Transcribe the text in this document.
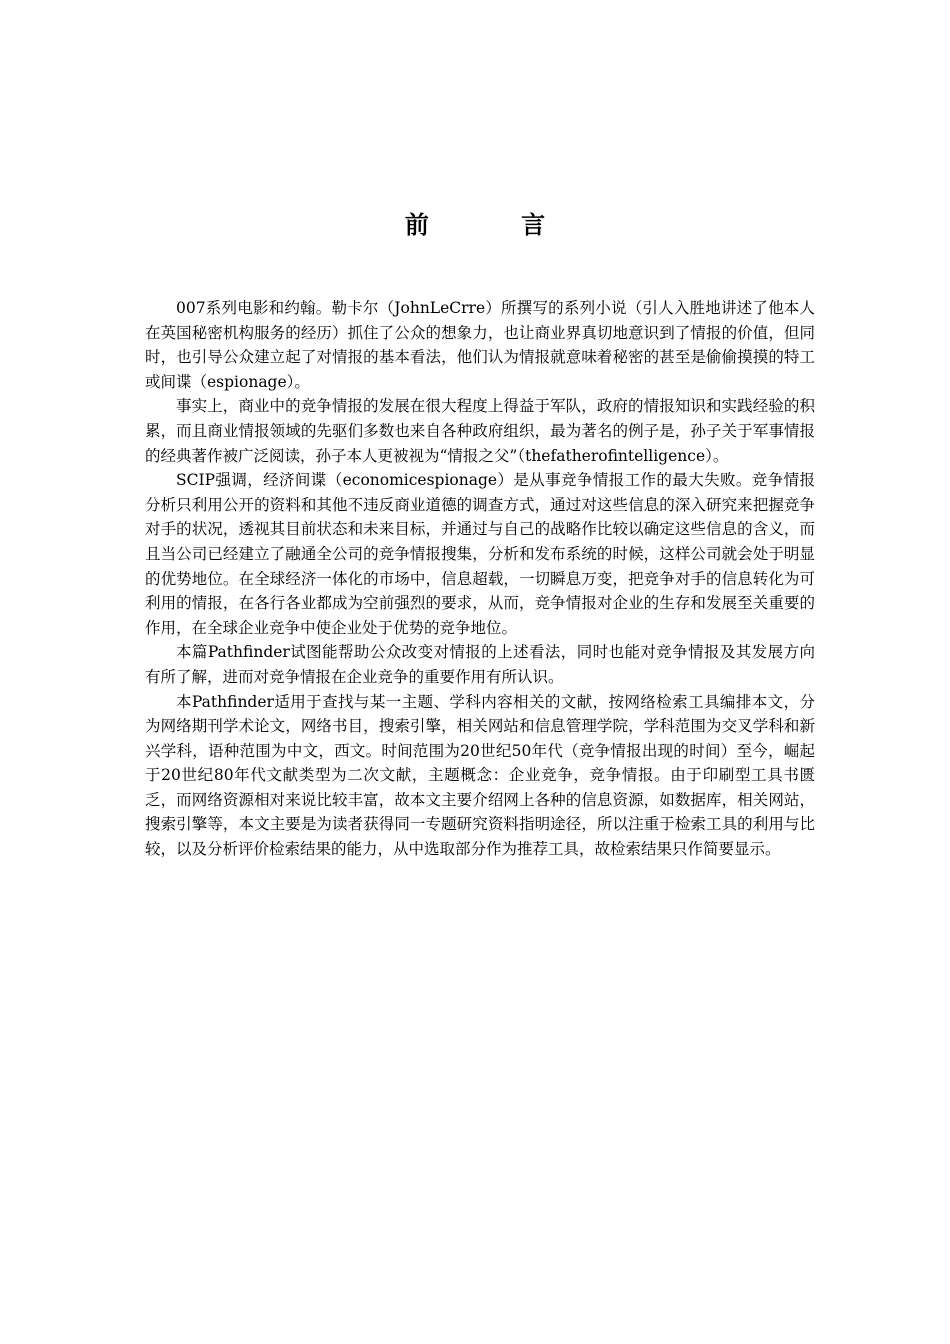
前 言

007系列电影和约翰。勒卡尔（JohnLeCrre）所撰写的系列小说（引人入胜地讲述了他本人在英国秘密机构服务的经历）抓住了公众的想象力，也让商业界真切地意识到了情报的价值，但同时，也引导公众建立起了对情报的基本看法，他们认为情报就意味着秘密的甚至是偷偷摸摸的特工或间谍（espionage）。

事实上，商业中的竞争情报的发展在很大程度上得益于军队，政府的情报知识和实践经验的积累，而且商业情报领域的先驱们多数也来自各种政府组织，最为著名的例子是，孙子关于军事情报的经典著作被广泛阅读，孙子本人更被视为“情报之父”（thefatherofintelligence）。

SCIP强调，经济间谍（economicespionage）是从事竞争情报工作的最大失败。竞争情报分析只利用公开的资料和其他不违反商业道德的调查方式，通过对这些信息的深入研究来把握竞争对手的状况，透视其目前状态和未来目标，并通过与自己的战略作比较以确定这些信息的含义，而且当公司已经建立了融通全公司的竞争情报搜集，分析和发布系统的时候，这样公司就会处于明显的优势地位。在全球经济一体化的市场中，信息超载，一切瞬息万变，把竞争对手的信息转化为可利用的情报，在各行各业都成为空前强烈的要求，从而，竞争情报对企业的生存和发展至关重要的作用，在全球企业竞争中使企业处于优势的竞争地位。

本篇Pathfinder试图能帮助公众改变对情报的上述看法，同时也能对竞争情报及其发展方向有所了解，进而对竞争情报在企业竞争的重要作用有所认识。

本Pathfinder适用于查找与某一主题、学科内容相关的文献，按网络检索工具编排本文，分为网络期刊学术论文，网络书目，搜索引擎，相关网站和信息管理学院，学科范围为交叉学科和新兴学科，语种范围为中文，西文。时间范围为20世纪50年代（竞争情报出现的时间）至今，崛起于20世纪80年代文献类型为二次文献，主题概念：企业竞争，竞争情报。由于印刷型工具书匮乏，而网络资源相对来说比较丰富，故本文主要介绍网上各种的信息资源，如数据库，相关网站，搜索引擎等，本文主要是为读者获得同一专题研究资料指明途径，所以注重于检索工具的利用与比较，以及分析评价检索结果的能力，从中选取部分作为推荐工具，故检索结果只作简要显示。
